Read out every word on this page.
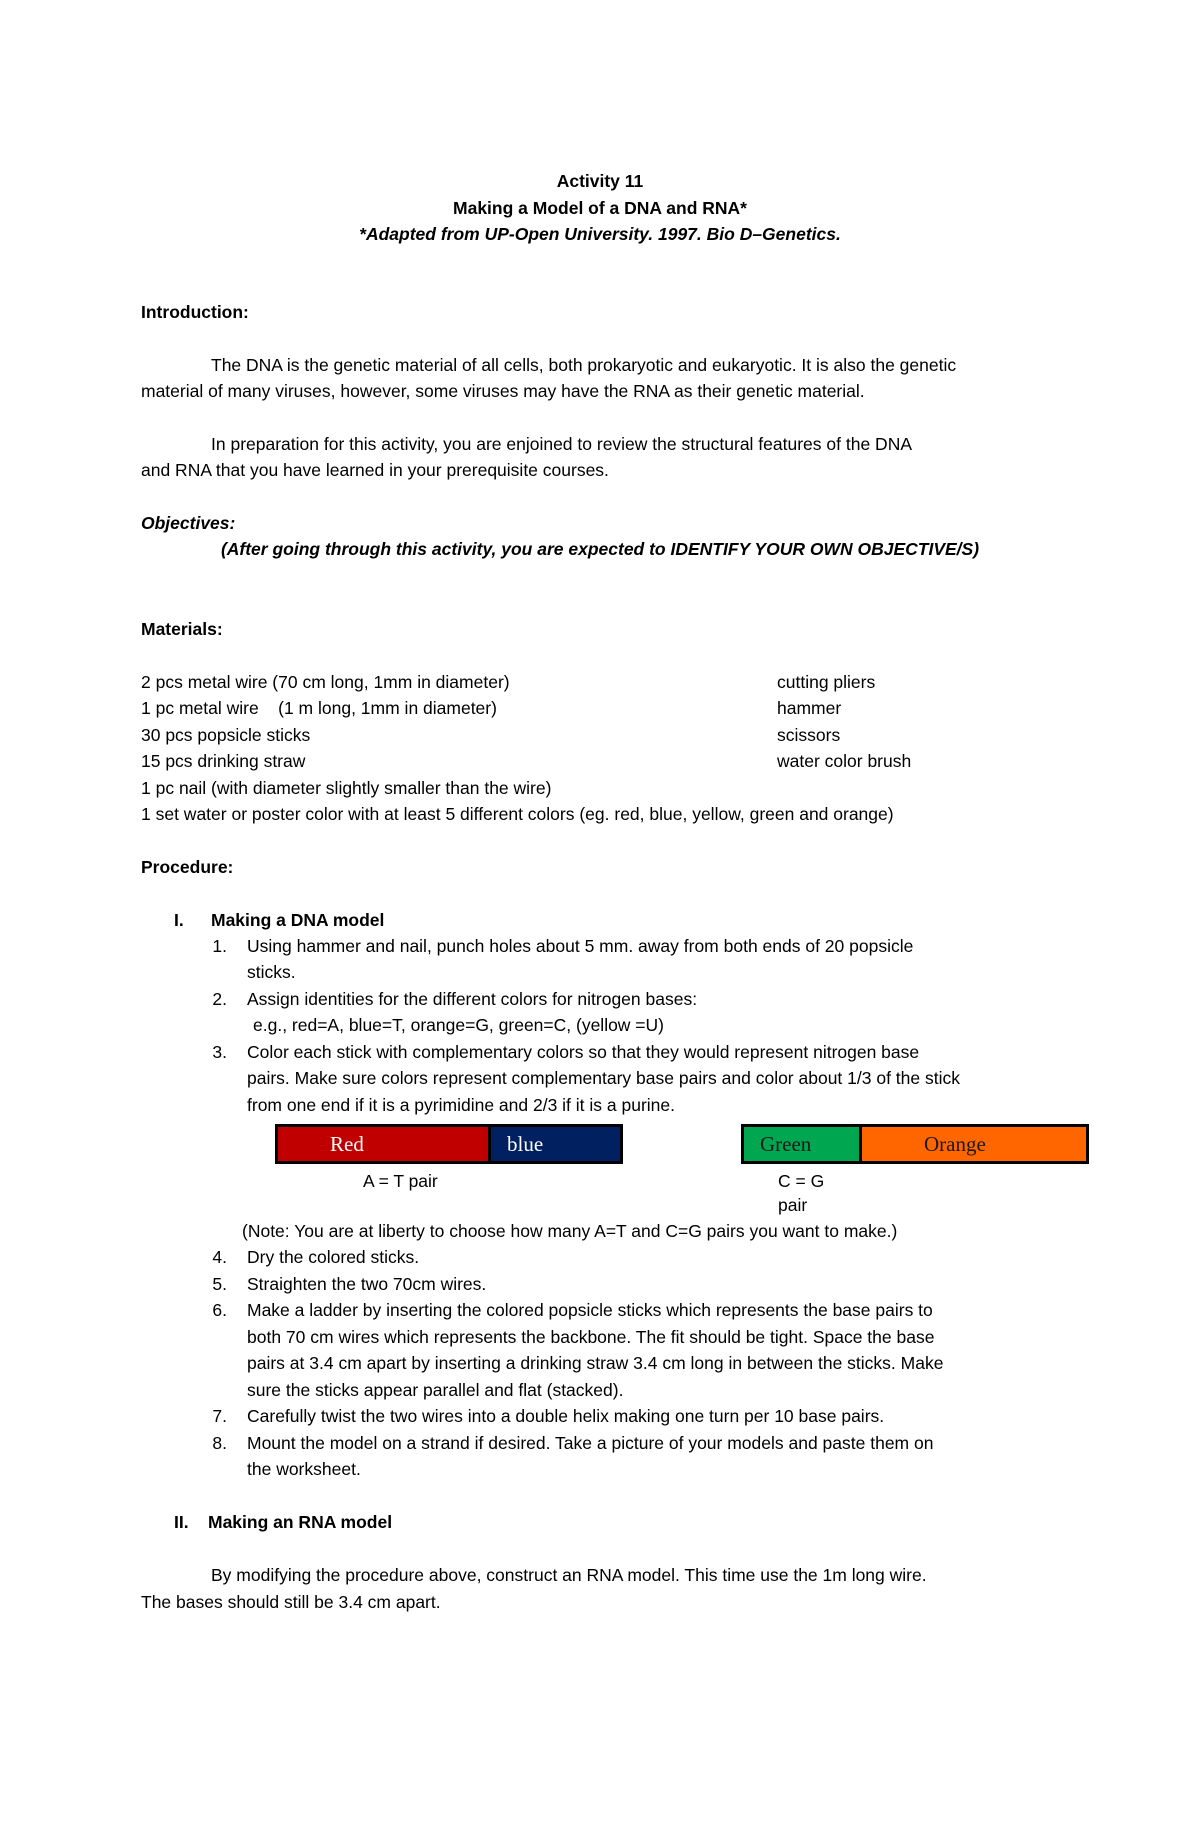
Activity 11
Making a Model of a DNA and RNA*
*Adapted from UP-Open University. 1997. Bio D–Genetics.
Introduction:
The DNA is the genetic material of all cells, both prokaryotic and eukaryotic. It is also the genetic
material of many viruses, however, some viruses may have the RNA as their genetic material.
In preparation for this activity, you are enjoined to review the structural features of the DNA
and RNA that you have learned in your prerequisite courses.
Objectives:
(After going through this activity, you are expected to IDENTIFY YOUR OWN OBJECTIVE/S)
Materials:
2 pcs metal wire (70 cm long, 1mm in diameter)
1 pc metal wire    (1 m long, 1mm in diameter)
30 pcs popsicle sticks
15 pcs drinking straw
1 pc nail (with diameter slightly smaller than the wire)
1 set water or poster color with at least 5 different colors (eg. red, blue, yellow, green and orange)
cutting pliers
hammer
scissors
water color brush
Procedure:
I. Making a DNA model
1. Using hammer and nail, punch holes about 5 mm. away from both ends of 20 popsicle
sticks.
2. Assign identities for the different colors for nitrogen bases:
e.g., red=A, blue=T, orange=G, green=C, (yellow =U)
3. Color each stick with complementary colors so that they would represent nitrogen base
pairs. Make sure colors represent complementary base pairs and color about 1/3 of the stick
from one end if it is a pyrimidine and 2/3 if it is a purine.
Red	blue
A = T pair
Green	Orange
C = G
pair
(Note: You are at liberty to choose how many A=T and C=G pairs you want to make.)
4. Dry the colored sticks.
5. Straighten the two 70cm wires.
6. Make a ladder by inserting the colored popsicle sticks which represents the base pairs to
both 70 cm wires which represents the backbone. The fit should be tight. Space the base
pairs at 3.4 cm apart by inserting a drinking straw 3.4 cm long in between the sticks. Make
sure the sticks appear parallel and flat (stacked).
7. Carefully twist the two wires into a double helix making one turn per 10 base pairs.
8. Mount the model on a strand if desired. Take a picture of your models and paste them on
the worksheet.
II. Making an RNA model
By modifying the procedure above, construct an RNA model. This time use the 1m long wire.
The bases should still be 3.4 cm apart.
